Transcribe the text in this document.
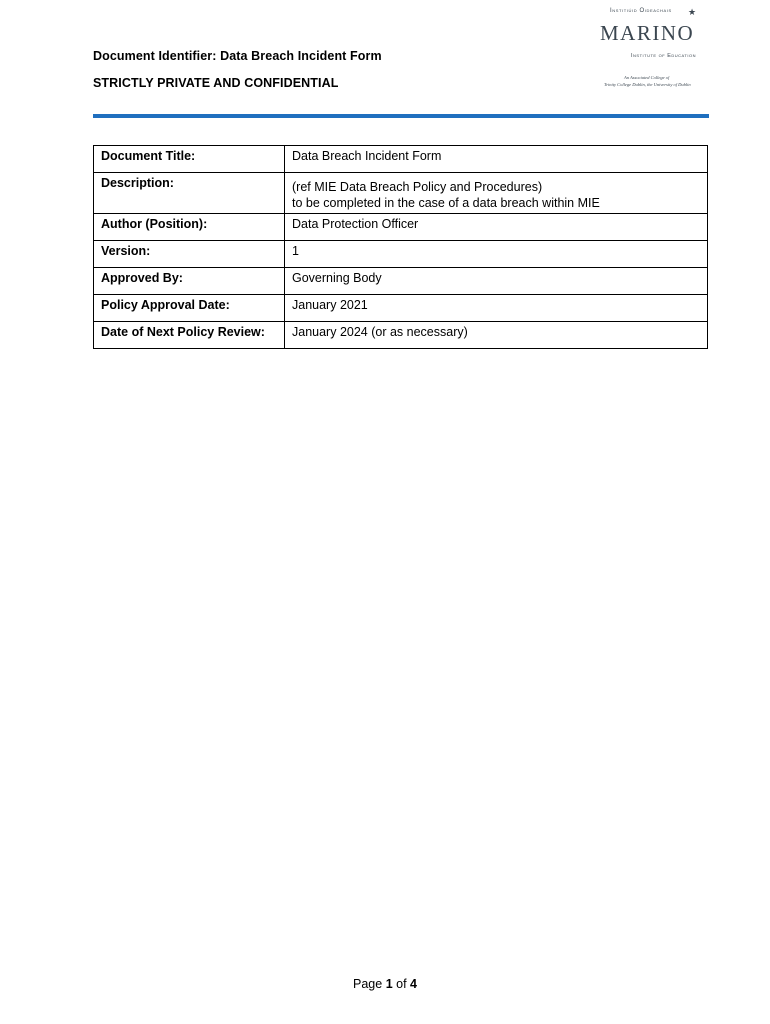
Document Identifier: Data Breach Incident Form
STRICTLY PRIVATE AND CONFIDENTIAL
Institiúid Oideachais ★
MARINO
Institute of Education
An Associated College of
Trinity College Dublin, the University of Dublin
Document Title:	Data Breach Incident Form
Description:	(ref MIE Data Breach Policy and Procedures)
to be completed in the case of a data breach within MIE

Author (Position):	Data Protection Officer
Version:	1
Approved By:	Governing Body
Policy Approval Date:	January 2021
Date of Next Policy Review:	January 2024 (or as necessary)
Page 1 of 4
